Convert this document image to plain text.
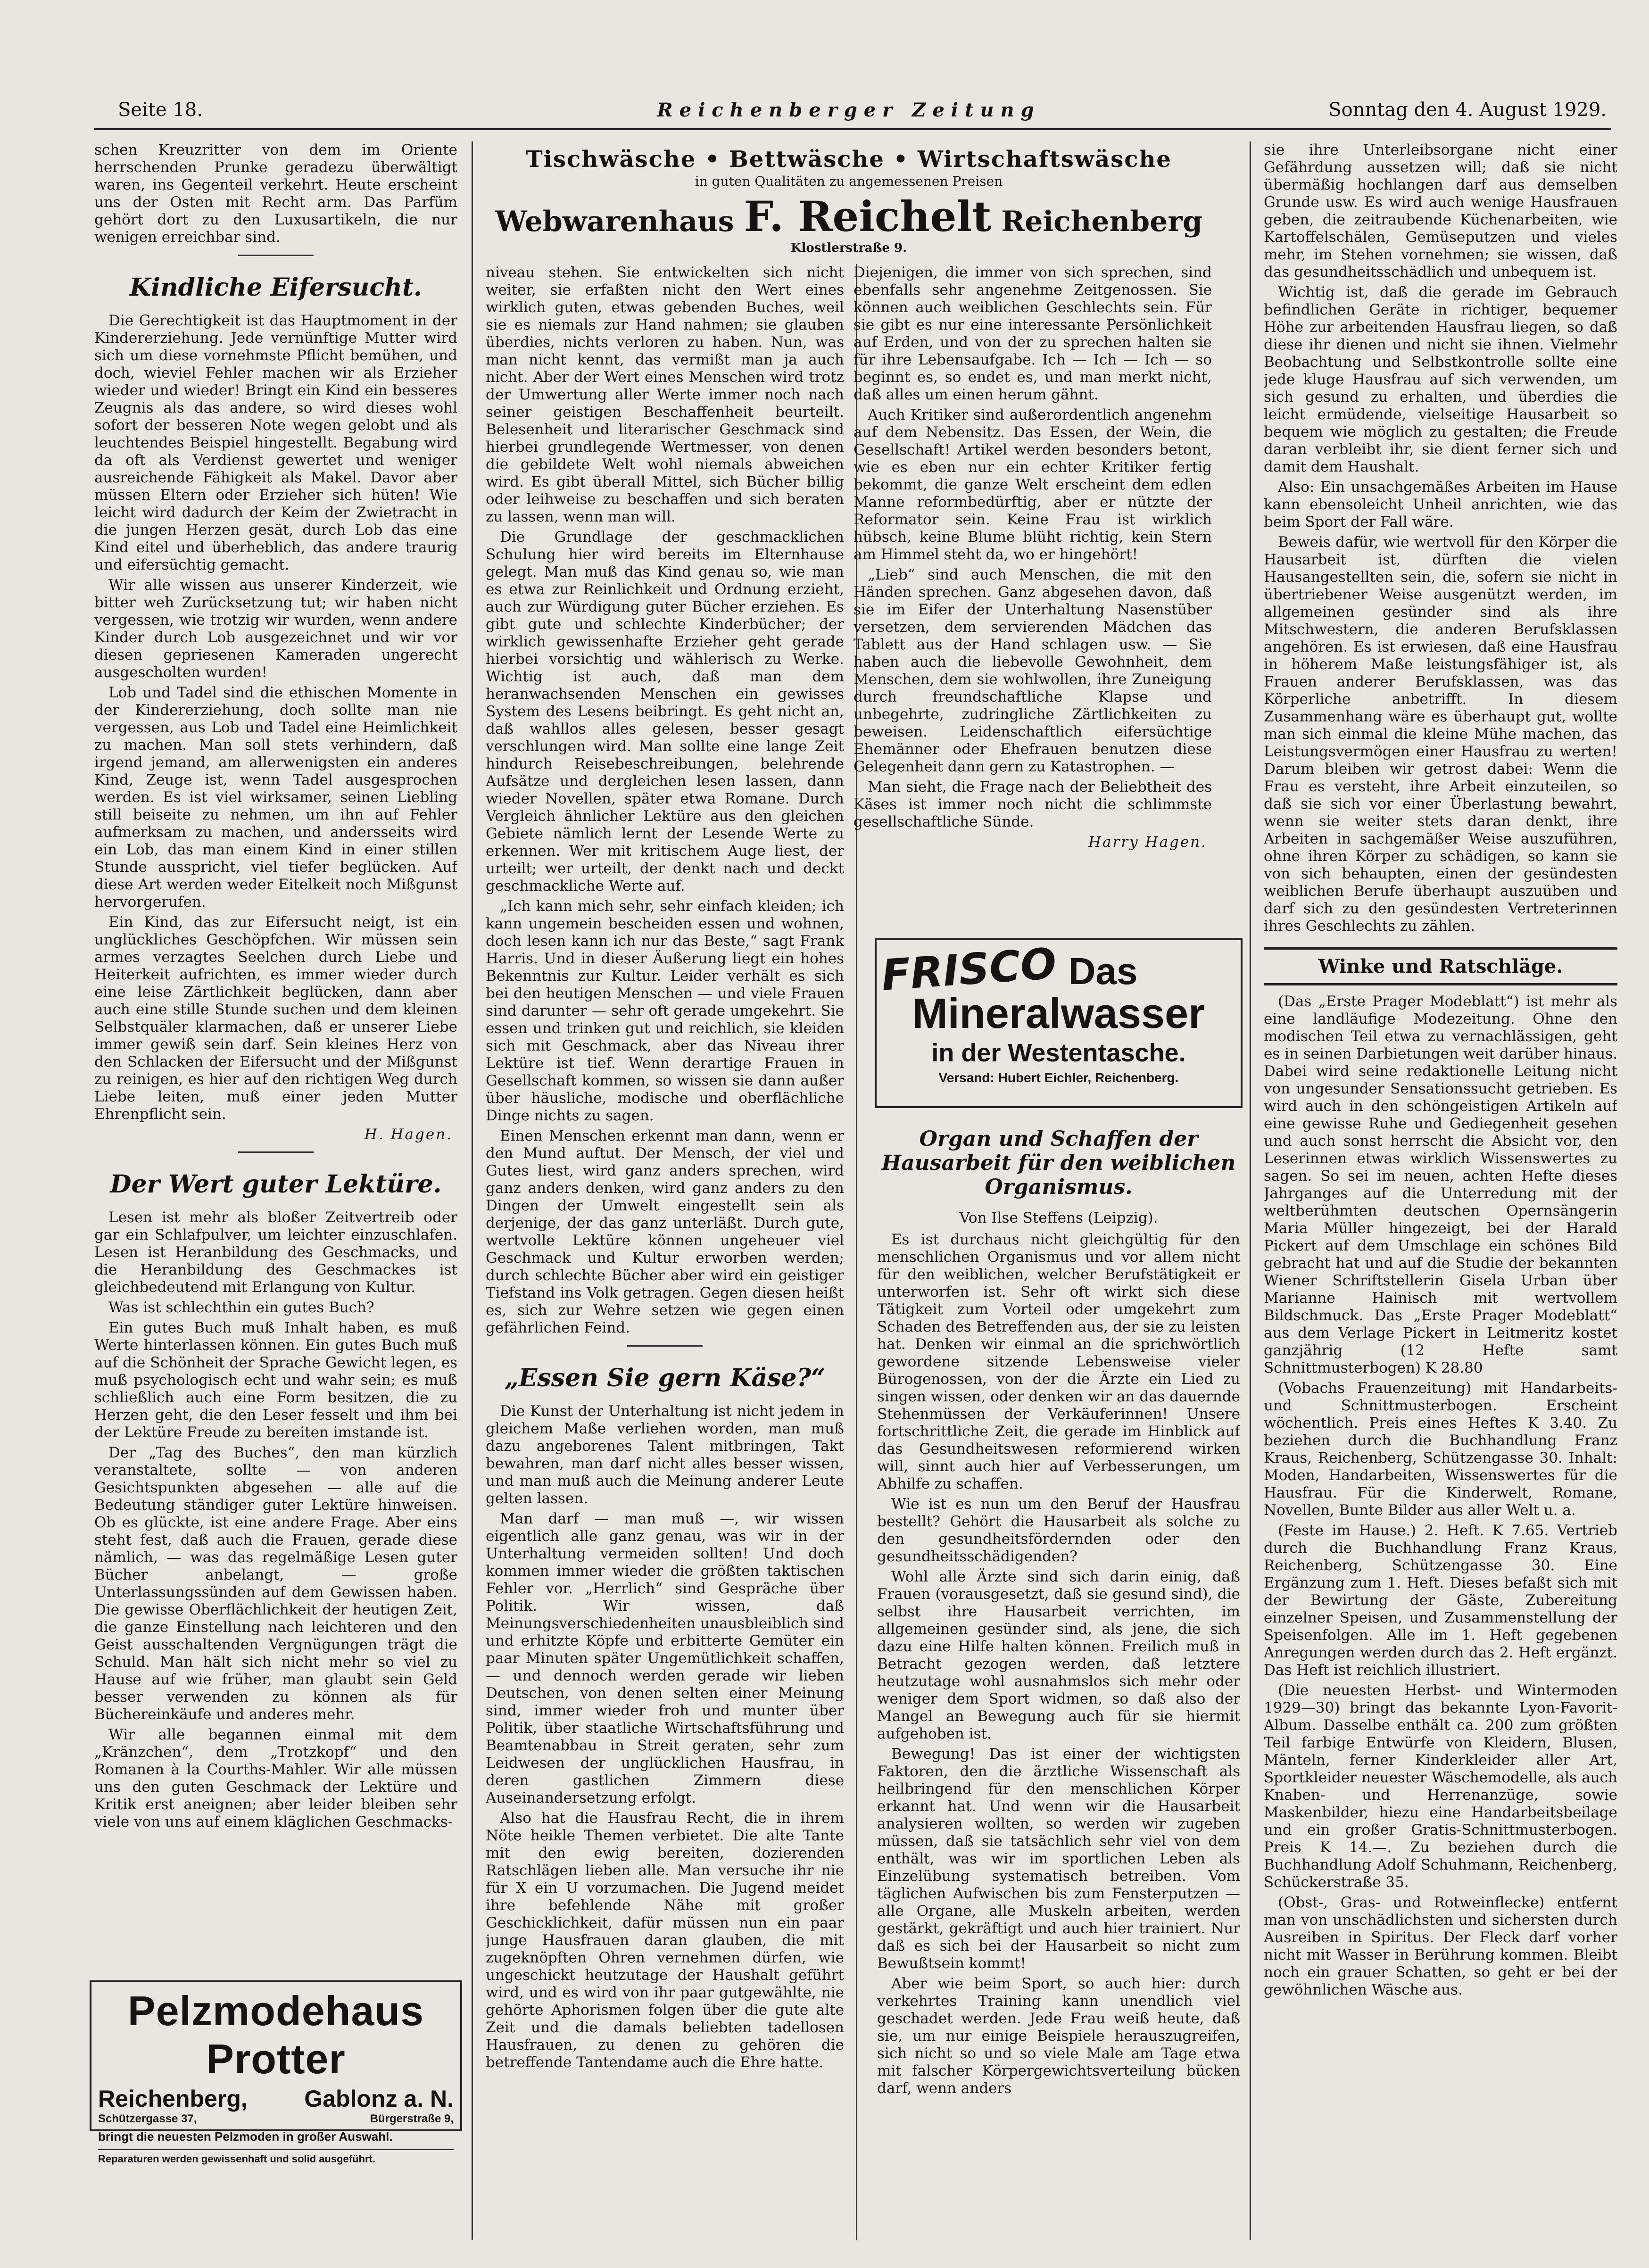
Seite 18.	Reichenberger Zeitung	Sonntag den 4. August 1929.

schen Kreuzritter von dem im Oriente herrschenden Prunke geradezu überwältigt waren, ins Gegenteil verkehrt. Heute erscheint uns der Osten mit Recht arm. Das Parfüm gehört dort zu den Luxusartikeln, die nur wenigen erreichbar sind.

Kindliche Eifersucht.

Die Gerechtigkeit ist das Hauptmoment in der Kindererziehung. Jede vernünftige Mutter wird sich um diese vornehmste Pflicht bemühen, und doch, wieviel Fehler machen wir als Erzieher wieder und wieder! Bringt ein Kind ein besseres Zeugnis als das andere, so wird dieses wohl sofort der besseren Note wegen gelobt und als leuchtendes Beispiel hingestellt. Begabung wird da oft als Verdienst gewertet und weniger ausreichende Fähigkeit als Makel. Davor aber müssen Eltern oder Erzieher sich hüten! Wie leicht wird dadurch der Keim der Zwietracht in die jungen Herzen gesät, durch Lob das eine Kind eitel und überheblich, das andere traurig und eifersüchtig gemacht.

Wir alle wissen aus unserer Kinderzeit, wie bitter weh Zurücksetzung tut; wir haben nicht vergessen, wie trotzig wir wurden, wenn andere Kinder durch Lob ausgezeichnet und wir vor diesen gepriesenen Kameraden ungerecht ausgescholten wurden!

Lob und Tadel sind die ethischen Momente in der Kindererziehung, doch sollte man nie vergessen, aus Lob und Tadel eine Heimlichkeit zu machen. Man soll stets verhindern, daß irgend jemand, am allerwenigsten ein anderes Kind, Zeuge ist, wenn Tadel ausgesprochen werden. Es ist viel wirksamer, seinen Liebling still beiseite zu nehmen, um ihn auf Fehler aufmerksam zu machen, und andersseits wird ein Lob, das man einem Kind in einer stillen Stunde ausspricht, viel tiefer beglücken. Auf diese Art werden weder Eitelkeit noch Mißgunst hervorgerufen.

Ein Kind, das zur Eifersucht neigt, ist ein unglückliches Geschöpfchen. Wir müssen sein armes verzagtes Seelchen durch Liebe und Heiterkeit aufrichten, es immer wieder durch eine leise Zärtlichkeit beglücken, dann aber auch eine stille Stunde suchen und dem kleinen Selbstquäler klarmachen, daß er unserer Liebe immer gewiß sein darf. Sein kleines Herz von den Schlacken der Eifersucht und der Mißgunst zu reinigen, es hier auf den richtigen Weg durch Liebe leiten, muß einer jeden Mutter Ehrenpflicht sein.

H. Hagen.
Der Wert guter Lektüre.

Lesen ist mehr als bloßer Zeitvertreib oder gar ein Schlafpulver, um leichter einzuschlafen. Lesen ist Heranbildung des Geschmacks, und die Heranbildung des Geschmackes ist gleichbedeutend mit Erlangung von Kultur.

Was ist schlechthin ein gutes Buch?

Ein gutes Buch muß Inhalt haben, es muß Werte hinterlassen können. Ein gutes Buch muß auf die Schönheit der Sprache Gewicht legen, es muß psychologisch echt und wahr sein; es muß schließlich auch eine Form besitzen, die zu Herzen geht, die den Leser fesselt und ihm bei der Lektüre Freude zu bereiten imstande ist.

Der „Tag des Buches“, den man kürzlich veranstaltete, sollte — von anderen Gesichtspunkten abgesehen — alle auf die Bedeutung ständiger guter Lektüre hinweisen. Ob es glückte, ist eine andere Frage. Aber eins steht fest, daß auch die Frauen, gerade diese nämlich, — was das regelmäßige Lesen guter Bücher anbelangt, — große Unterlassungssünden auf dem Gewissen haben. Die gewisse Oberflächlichkeit der heutigen Zeit, die ganze Einstellung nach leichteren und den Geist ausschaltenden Vergnügungen trägt die Schuld. Man hält sich nicht mehr so viel zu Hause auf wie früher, man glaubt sein Geld besser verwenden zu können als für Büchereinkäufe und anderes mehr.

Wir alle begannen einmal mit dem „Kränzchen“, dem „Trotzkopf“ und den Romanen à la Courths-Mahler. Wir alle müssen uns den guten Geschmack der Lektüre und Kritik erst aneignen; aber leider bleiben sehr viele von uns auf einem kläglichen Geschmacks-

Pelzmodehaus Protter
Reichenberg, Gablonz a. N.
Schützergasse 37,	Bürgerstraße 9,
bringt die neuesten Pelzmoden in großer Auswahl.
Reparaturen werden gewissenhaft und solid ausgeführt.
Tischwäsche • Bettwäsche • Wirtschaftswäsche
in guten Qualitäten zu angemessenen Preisen
Webwarenhaus F. Reichelt Reichenberg
Klostlerstraße 9.

niveau stehen. Sie entwickelten sich nicht weiter, sie erfaßten nicht den Wert eines wirklich guten, etwas gebenden Buches, weil sie es niemals zur Hand nahmen; sie glauben überdies, nichts verloren zu haben. Nun, was man nicht kennt, das vermißt man ja auch nicht. Aber der Wert eines Menschen wird trotz der Umwertung aller Werte immer noch nach seiner geistigen Beschaffenheit beurteilt. Belesenheit und literarischer Geschmack sind hierbei grundlegende Wertmesser, von denen die gebildete Welt wohl niemals abweichen wird. Es gibt überall Mittel, sich Bücher billig oder leihweise zu beschaffen und sich beraten zu lassen, wenn man will.

Die Grundlage der geschmacklichen Schulung hier wird bereits im Elternhause gelegt. Man muß das Kind genau so, wie man es etwa zur Reinlichkeit und Ordnung erzieht, auch zur Würdigung guter Bücher erziehen. Es gibt gute und schlechte Kinderbücher; der wirklich gewissenhafte Erzieher geht gerade hierbei vorsichtig und wählerisch zu Werke. Wichtig ist auch, daß man dem heranwachsenden Menschen ein gewisses System des Lesens beibringt. Es geht nicht an, daß wahllos alles gelesen, besser gesagt verschlungen wird. Man sollte eine lange Zeit hindurch Reisebeschreibungen, belehrende Aufsätze und dergleichen lesen lassen, dann wieder Novellen, später etwa Romane. Durch Vergleich ähnlicher Lektüre aus den gleichen Gebiete nämlich lernt der Lesende Werte zu erkennen. Wer mit kritischem Auge liest, der urteilt; wer urteilt, der denkt nach und deckt geschmackliche Werte auf.

„Ich kann mich sehr, sehr einfach kleiden; ich kann ungemein bescheiden essen und wohnen, doch lesen kann ich nur das Beste,“ sagt Frank Harris. Und in dieser Äußerung liegt ein hohes Bekenntnis zur Kultur. Leider verhält es sich bei den heutigen Menschen — und viele Frauen sind darunter — sehr oft gerade umgekehrt. Sie essen und trinken gut und reichlich, sie kleiden sich mit Geschmack, aber das Niveau ihrer Lektüre ist tief. Wenn derartige Frauen in Gesellschaft kommen, so wissen sie dann außer über häusliche, modische und oberflächliche Dinge nichts zu sagen.

Einen Menschen erkennt man dann, wenn er den Mund auftut. Der Mensch, der viel und Gutes liest, wird ganz anders sprechen, wird ganz anders denken, wird ganz anders zu den Dingen der Umwelt eingestellt sein als derjenige, der das ganz unterläßt. Durch gute, wertvolle Lektüre können ungeheuer viel Geschmack und Kultur erworben werden; durch schlechte Bücher aber wird ein geistiger Tiefstand ins Volk getragen. Gegen diesen heißt es, sich zur Wehre setzen wie gegen einen gefährlichen Feind.

„Essen Sie gern Käse?“

Die Kunst der Unterhaltung ist nicht jedem in gleichem Maße verliehen worden, man muß dazu angeborenes Talent mitbringen, Takt bewahren, man darf nicht alles besser wissen, und man muß auch die Meinung anderer Leute gelten lassen.

Man darf — man muß —, wir wissen eigentlich alle ganz genau, was wir in der Unterhaltung vermeiden sollten! Und doch kommen immer wieder die größten taktischen Fehler vor. „Herrlich“ sind Gespräche über Politik. Wir wissen, daß Meinungsverschiedenheiten unausbleiblich sind und erhitzte Köpfe und erbitterte Gemüter ein paar Minuten später Ungemütlichkeit schaffen, — und dennoch werden gerade wir lieben Deutschen, von denen selten einer Meinung sind, immer wieder froh und munter über Politik, über staatliche Wirtschaftsführung und Beamtenabbau in Streit geraten, sehr zum Leidwesen der unglücklichen Hausfrau, in deren gastlichen Zimmern diese Auseinandersetzung erfolgt.

Also hat die Hausfrau Recht, die in ihrem Nöte heikle Themen verbietet. Die alte Tante mit den ewig bereiten, dozierenden Ratschlägen lieben alle. Man versuche ihr nie für X ein U vorzumachen. Die Jugend meidet ihre befehlende Nähe mit großer Geschicklichkeit, dafür müssen nun ein paar junge Hausfrauen daran glauben, die mit zugeknöpften Ohren vernehmen dürfen, wie ungeschickt heutzutage der Haushalt geführt wird, und es wird von ihr paar gutgewählte, nie gehörte Aphorismen folgen über die gute alte Zeit und die damals beliebten tadellosen Hausfrauen, zu denen zu gehören die betreffende Tantendame auch die Ehre hatte.

Diejenigen, die immer von sich sprechen, sind ebenfalls sehr angenehme Zeitgenossen. Sie können auch weiblichen Geschlechts sein. Für sie gibt es nur eine interessante Persönlichkeit auf Erden, und von der zu sprechen halten sie für ihre Lebensaufgabe. Ich — Ich — Ich — so beginnt es, so endet es, und man merkt nicht, daß alles um einen herum gähnt.

Auch Kritiker sind außerordentlich angenehm auf dem Nebensitz. Das Essen, der Wein, die Gesellschaft! Artikel werden besonders betont, wie es eben nur ein echter Kritiker fertig bekommt, die ganze Welt erscheint dem edlen Manne reformbedürftig, aber er nützte der Reformator sein. Keine Frau ist wirklich hübsch, keine Blume blüht richtig, kein Stern am Himmel steht da, wo er hingehört!

„Lieb“ sind auch Menschen, die mit den Händen sprechen. Ganz abgesehen davon, daß sie im Eifer der Unterhaltung Nasenstüber versetzen, dem servierenden Mädchen das Tablett aus der Hand schlagen usw. — Sie haben auch die liebevolle Gewohnheit, dem Menschen, dem sie wohlwollen, ihre Zuneigung durch freundschaftliche Klapse und unbegehrte, zudringliche Zärtlichkeiten zu beweisen. Leidenschaftlich eifersüchtige Ehemänner oder Ehefrauen benutzen diese Gelegenheit dann gern zu Katastrophen. —

Man sieht, die Frage nach der Beliebtheit des Käses ist immer noch nicht die schlimmste gesellschaftliche Sünde.

Harry Hagen.
FRISCO Das
Mineralwasser
in der Westentasche.
Versand: Hubert Eichler, Reichenberg.
Organ und Schaffen der Hausarbeit für den weiblichen Organismus.
Von Ilse Steffens (Leipzig).

Es ist durchaus nicht gleichgültig für den menschlichen Organismus und vor allem nicht für den weiblichen, welcher Berufstätigkeit er unterworfen ist. Sehr oft wirkt sich diese Tätigkeit zum Vorteil oder umgekehrt zum Schaden des Betreffenden aus, der sie zu leisten hat. Denken wir einmal an die sprichwörtlich gewordene sitzende Lebensweise vieler Bürogenossen, von der die Ärzte ein Lied zu singen wissen, oder denken wir an das dauernde Stehenmüssen der Verkäuferinnen! Unsere fortschrittliche Zeit, die gerade im Hinblick auf das Gesundheitswesen reformierend wirken will, sinnt auch hier auf Verbesserungen, um Abhilfe zu schaffen.

Wie ist es nun um den Beruf der Hausfrau bestellt? Gehört die Hausarbeit als solche zu den gesundheitsfördernden oder den gesundheitsschädigenden?

Wohl alle Ärzte sind sich darin einig, daß Frauen (vorausgesetzt, daß sie gesund sind), die selbst ihre Hausarbeit verrichten, im allgemeinen gesünder sind, als jene, die sich dazu eine Hilfe halten können. Freilich muß in Betracht gezogen werden, daß letztere heutzutage wohl ausnahmslos sich mehr oder weniger dem Sport widmen, so daß also der Mangel an Bewegung auch für sie hiermit aufgehoben ist.

Bewegung! Das ist einer der wichtigsten Faktoren, den die ärztliche Wissenschaft als heilbringend für den menschlichen Körper erkannt hat. Und wenn wir die Hausarbeit analysieren wollten, so werden wir zugeben müssen, daß sie tatsächlich sehr viel von dem enthält, was wir im sportlichen Leben als Einzelübung systematisch betreiben. Vom täglichen Aufwischen bis zum Fensterputzen — alle Organe, alle Muskeln arbeiten, werden gestärkt, gekräftigt und auch hier trainiert. Nur daß es sich bei der Hausarbeit so nicht zum Bewußtsein kommt!

Aber wie beim Sport, so auch hier: durch verkehrtes Training kann unendlich viel geschadet werden. Jede Frau weiß heute, daß sie, um nur einige Beispiele herauszugreifen, sich nicht so und so viele Male am Tage etwa mit falscher Körpergewichtsverteilung bücken darf, wenn anders

sie ihre Unterleibsorgane nicht einer Gefährdung aussetzen will; daß sie nicht übermäßig hochlangen darf aus demselben Grunde usw. Es wird auch wenige Hausfrauen geben, die zeitraubende Küchenarbeiten, wie Kartoffelschälen, Gemüseputzen und vieles mehr, im Stehen vornehmen; sie wissen, daß das gesundheitsschädlich und unbequem ist.

Wichtig ist, daß die gerade im Gebrauch befindlichen Geräte in richtiger, bequemer Höhe zur arbeitenden Hausfrau liegen, so daß diese ihr dienen und nicht sie ihnen. Vielmehr Beobachtung und Selbstkontrolle sollte eine jede kluge Hausfrau auf sich verwenden, um sich gesund zu erhalten, und überdies die leicht ermüdende, vielseitige Hausarbeit so bequem wie möglich zu gestalten; die Freude daran verbleibt ihr, sie dient ferner sich und damit dem Haushalt.

Also: Ein unsachgemäßes Arbeiten im Hause kann ebensoleicht Unheil anrichten, wie das beim Sport der Fall wäre.

Beweis dafür, wie wertvoll für den Körper die Hausarbeit ist, dürften die vielen Hausangestellten sein, die, sofern sie nicht in übertriebener Weise ausgenützt werden, im allgemeinen gesünder sind als ihre Mitschwestern, die anderen Berufsklassen angehören. Es ist erwiesen, daß eine Hausfrau in höherem Maße leistungsfähiger ist, als Frauen anderer Berufsklassen, was das Körperliche anbetrifft. In diesem Zusammenhang wäre es überhaupt gut, wollte man sich einmal die kleine Mühe machen, das Leistungsvermögen einer Hausfrau zu werten! Darum bleiben wir getrost dabei: Wenn die Frau es versteht, ihre Arbeit einzuteilen, so daß sie sich vor einer Überlastung bewahrt, wenn sie weiter stets daran denkt, ihre Arbeiten in sachgemäßer Weise auszuführen, ohne ihren Körper zu schädigen, so kann sie von sich behaupten, einen der gesündesten weiblichen Berufe überhaupt auszuüben und darf sich zu den gesündesten Vertreterinnen ihres Geschlechts zu zählen.

Winke und Ratschläge.

(Das „Erste Prager Modeblatt“) ist mehr als eine landläufige Modezeitung. Ohne den modischen Teil etwa zu vernachlässigen, geht es in seinen Darbietungen weit darüber hinaus. Dabei wird seine redaktionelle Leitung nicht von ungesunder Sensationssucht getrieben. Es wird auch in den schöngeistigen Artikeln auf eine gewisse Ruhe und Gediegenheit gesehen und auch sonst herrscht die Absicht vor, den Leserinnen etwas wirklich Wissenswertes zu sagen. So sei im neuen, achten Hefte dieses Jahrganges auf die Unterredung mit der weltberühmten deutschen Opernsängerin Maria Müller hingezeigt, bei der Harald Pickert auf dem Umschlage ein schönes Bild gebracht hat und auf die Studie der bekannten Wiener Schriftstellerin Gisela Urban über Marianne Hainisch mit wertvollem Bildschmuck. Das „Erste Prager Modeblatt“ aus dem Verlage Pickert in Leitmeritz kostet ganzjährig (12 Hefte samt Schnittmusterbogen) K 28.80

(Vobachs Frauenzeitung) mit Handarbeits- und Schnittmusterbogen. Erscheint wöchentlich. Preis eines Heftes K 3.40. Zu beziehen durch die Buchhandlung Franz Kraus, Reichenberg, Schützengasse 30. Inhalt: Moden, Handarbeiten, Wissenswertes für die Hausfrau. Für die Kinderwelt, Romane, Novellen, Bunte Bilder aus aller Welt u. a.

(Feste im Hause.) 2. Heft. K 7.65. Vertrieb durch die Buchhandlung Franz Kraus, Reichenberg, Schützengasse 30. Eine Ergänzung zum 1. Heft. Dieses befaßt sich mit der Bewirtung der Gäste, Zubereitung einzelner Speisen, und Zusammenstellung der Speisenfolgen. Alle im 1. Heft gegebenen Anregungen werden durch das 2. Heft ergänzt. Das Heft ist reichlich illustriert.

(Die neuesten Herbst- und Wintermoden 1929—30) bringt das bekannte Lyon-Favorit-Album. Dasselbe enthält ca. 200 zum größten Teil farbige Entwürfe von Kleidern, Blusen, Mänteln, ferner Kinderkleider aller Art, Sportkleider neuester Wäschemodelle, als auch Knaben- und Herrenanzüge, sowie Maskenbilder, hiezu eine Handarbeitsbeilage und ein großer Gratis-Schnittmusterbogen. Preis K 14.—. Zu beziehen durch die Buchhandlung Adolf Schuhmann, Reichenberg, Schückerstraße 35.

(Obst-, Gras- und Rotweinflecke) entfernt man von unschädlichsten und sichersten durch Ausreiben in Spiritus. Der Fleck darf vorher nicht mit Wasser in Berührung kommen. Bleibt noch ein grauer Schatten, so geht er bei der gewöhnlichen Wäsche aus.
